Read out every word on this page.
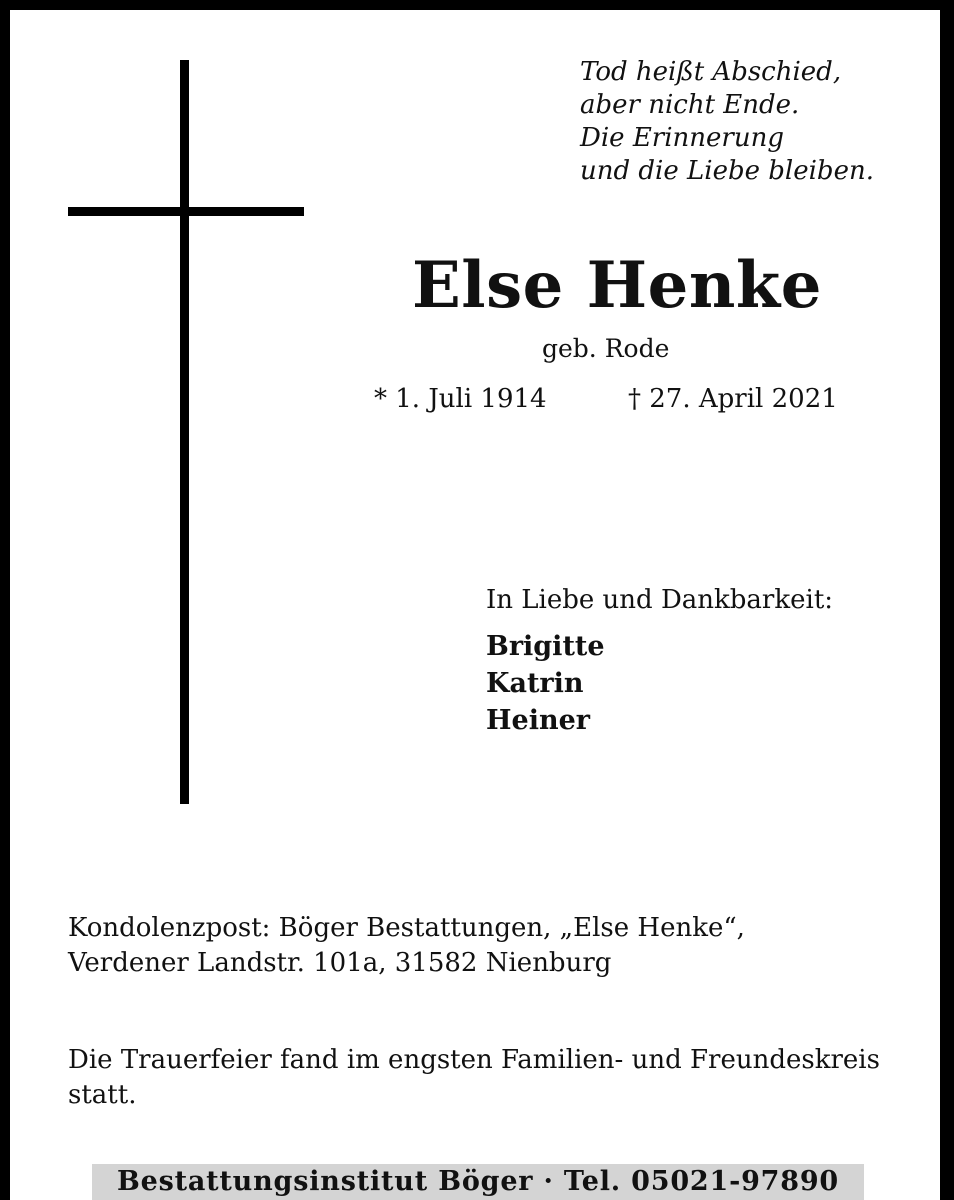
Tod heißt Abschied,
aber nicht Ende.
Die Erinnerung
und die Liebe bleiben.
Else Henke
geb. Rode
* 1. Juli 1914	† 27. April 2021
In Liebe und Dankbarkeit:
Brigitte
Katrin
Heiner
Kondolenzpost: Böger Bestattungen, „Else Henke“,
Verdener Landstr. 101a, 31582 Nienburg
Die Trauerfeier fand im engsten Familien- und Freundeskreis statt.
Bestattungsinstitut Böger · Tel. 05021-97890
